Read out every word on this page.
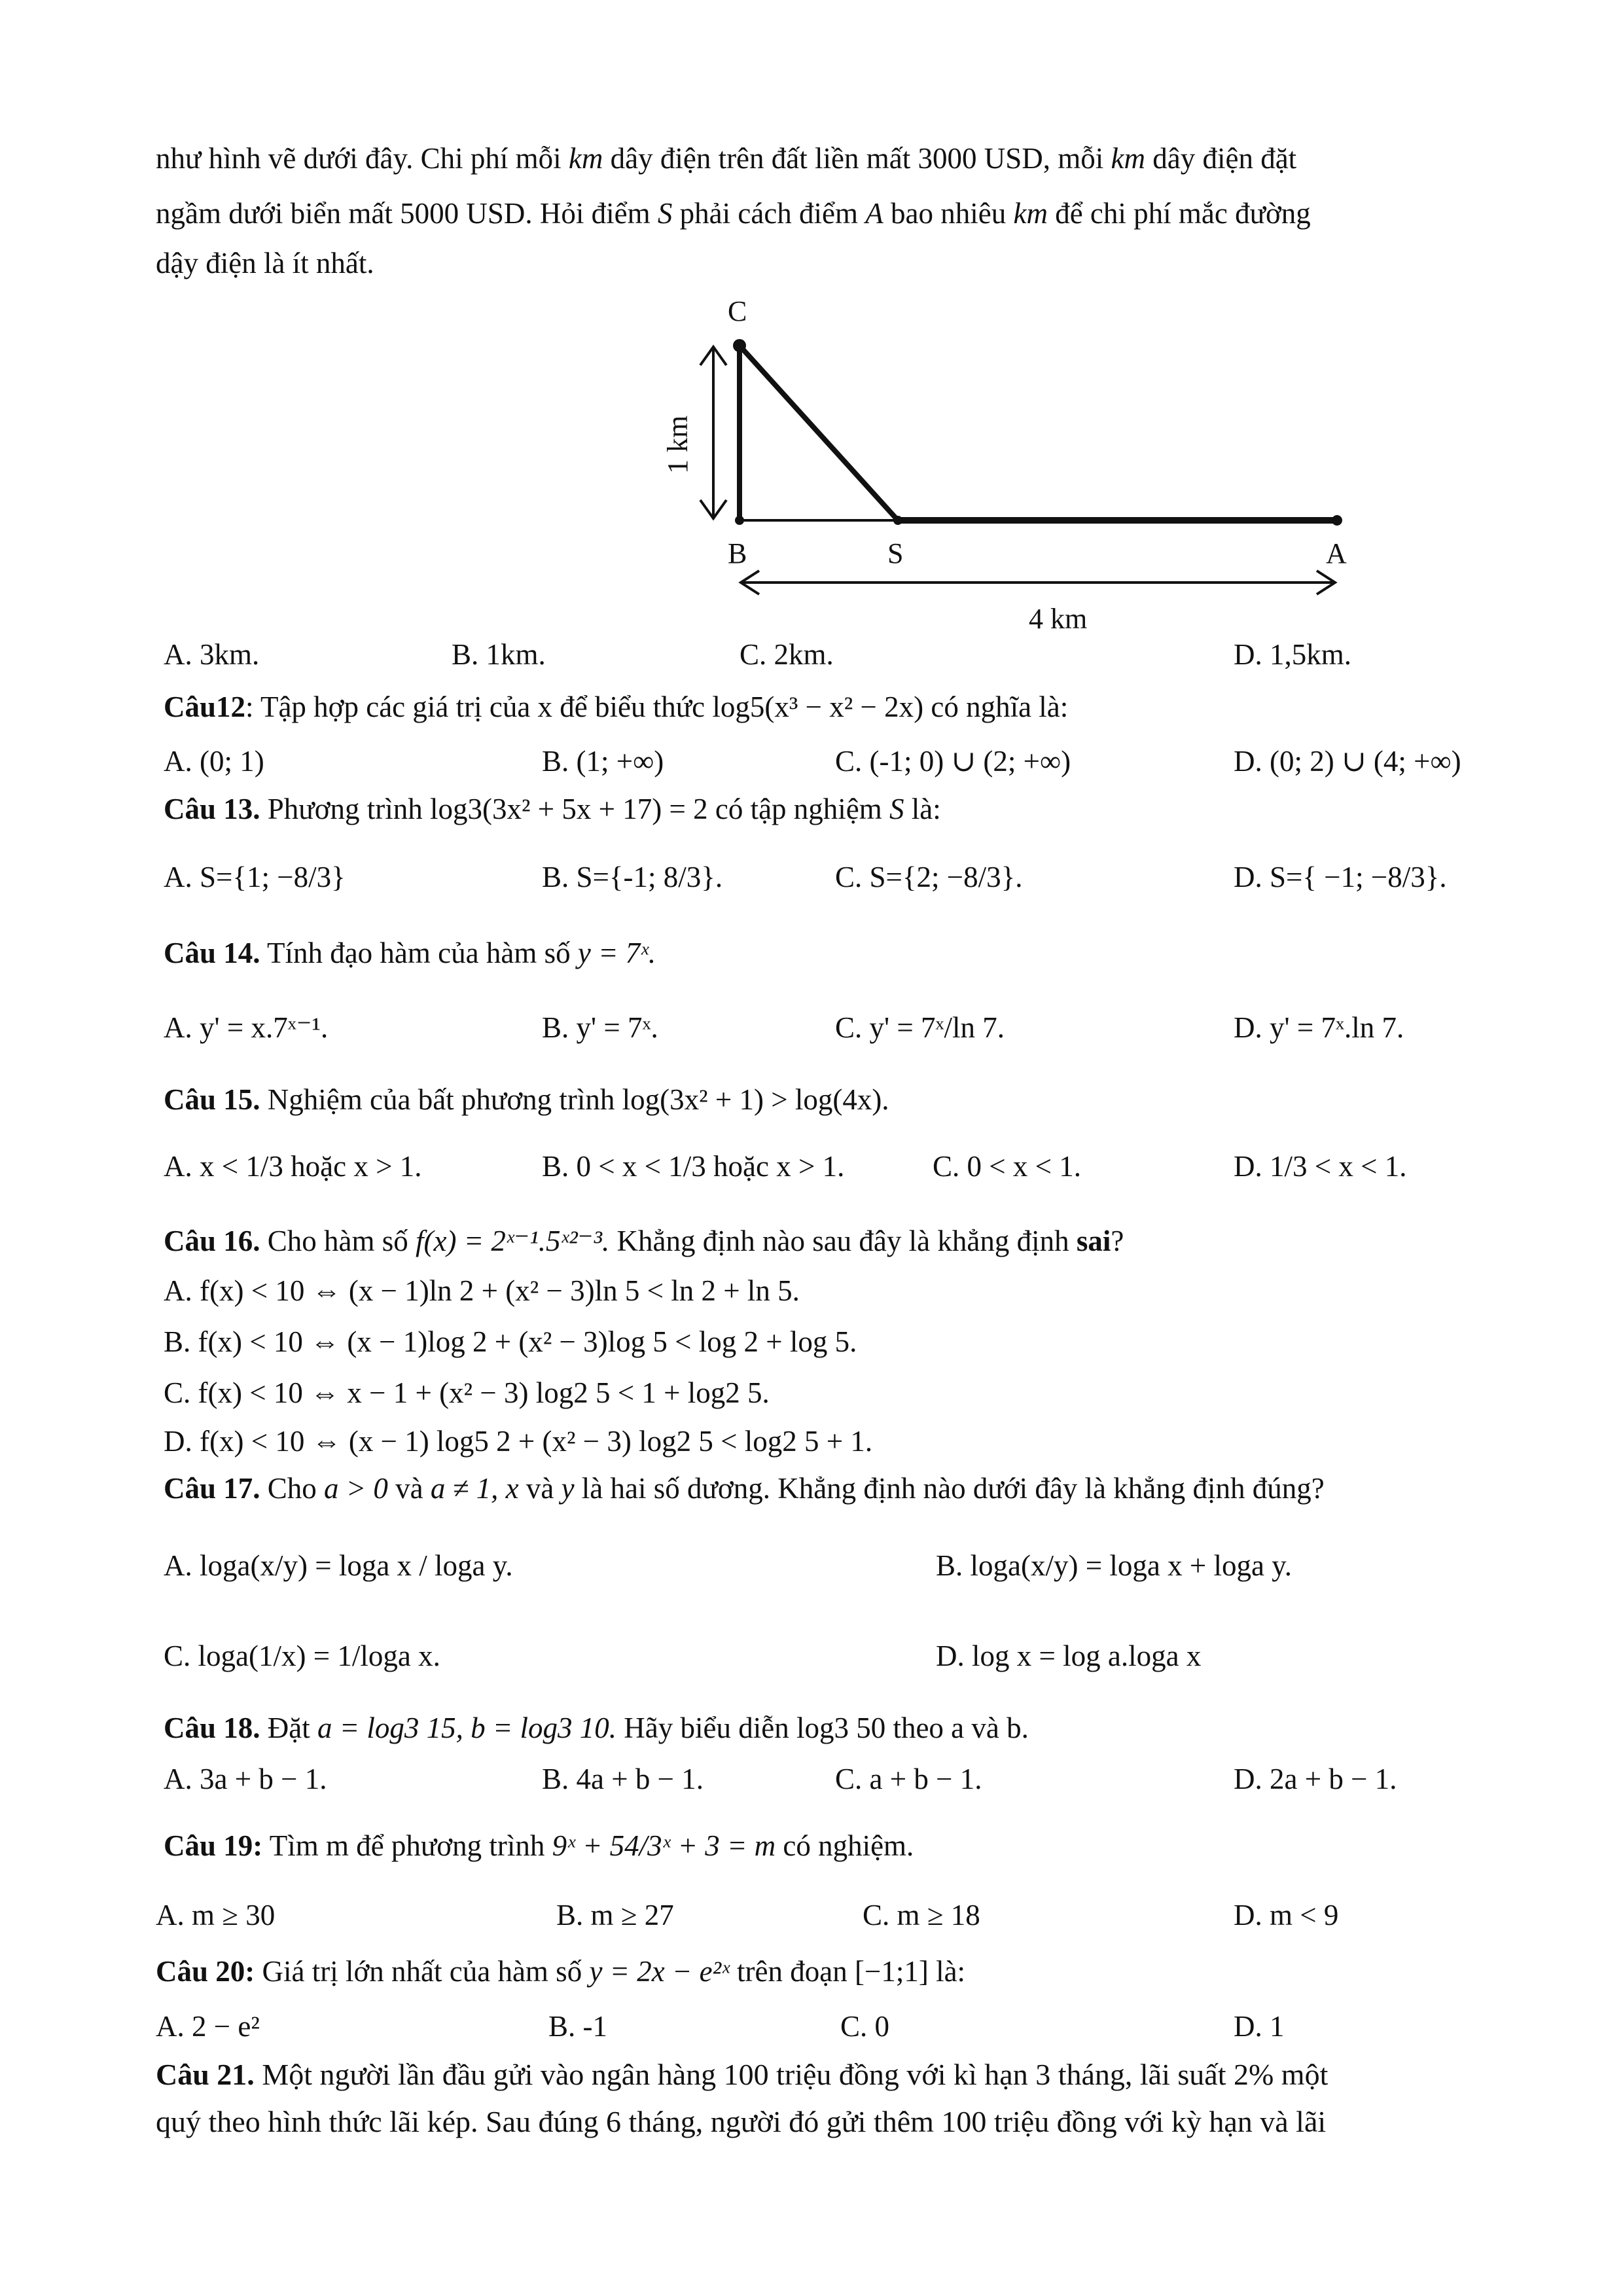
như hình vẽ dưới đây. Chi phí mỗi km dây điện trên đất liền mất 3000 USD, mỗi km dây điện đặt
ngầm dưới biển mất 5000 USD. Hỏi điểm S phải cách điểm A bao nhiêu km để chi phí mắc đường
dậy điện là ít nhất.
C
B	S	A
4 km
1 km
A. 3km.	B. 1km.	C. 2km.	D. 1,5km.
Câu12: Tập hợp các giá trị của x để biểu thức log5(x³ − x² − 2x) có nghĩa là:
A. (0; 1)	B. (1; +∞)	C. (-1; 0) ∪ (2; +∞)	D. (0; 2) ∪ (4; +∞)
Câu 13. Phương trình log3(3x² + 5x + 17) = 2 có tập nghiệm S là:
A. S={1; −8/3}	B. S={-1; 8/3}.	C. S={2; −8/3}.	D. S={ −1; −8/3}.
Câu 14. Tính đạo hàm của hàm số y = 7ˣ.
A. y' = x.7ˣ⁻¹.	B. y' = 7ˣ.	C. y' = 7ˣ/ln 7.	D. y' = 7ˣ.ln 7.
Câu 15. Nghiệm của bất phương trình log(3x² + 1) > log(4x).
A. x < 1/3 hoặc x > 1.	B. 0 < x < 1/3 hoặc x > 1.	C. 0 < x < 1.	D. 1/3 < x < 1.
Câu 16. Cho hàm số f(x) = 2ˣ⁻¹.5ˣ²⁻³. Khẳng định nào sau đây là khẳng định sai?
A. f(x) < 10 ⇔ (x − 1)ln 2 + (x² − 3)ln 5 < ln 2 + ln 5.
B. f(x) < 10 ⇔ (x − 1)log 2 + (x² − 3)log 5 < log 2 + log 5.
C. f(x) < 10 ⇔ x − 1 + (x² − 3) log2 5 < 1 + log2 5.
D. f(x) < 10 ⇔ (x − 1) log5 2 + (x² − 3) log2 5 < log2 5 + 1.
Câu 17. Cho a > 0 và a ≠ 1, x và y là hai số dương. Khẳng định nào dưới đây là khẳng định đúng?
A. loga(x/y) = loga x / loga y.	B. loga(x/y) = loga x + loga y.
C. loga(1/x) = 1/loga x.	D. log x = log a.loga x
Câu 18. Đặt a = log3 15, b = log3 10. Hãy biểu diễn log3 50 theo a và b.
A. 3a + b − 1.	B. 4a + b − 1.	C. a + b − 1.	D. 2a + b − 1.
Câu 19: Tìm m để phương trình 9ˣ + 54/3ˣ + 3 = m có nghiệm.
A. m ≥ 30	B. m ≥ 27	C. m ≥ 18	D. m < 9
Câu 20: Giá trị lớn nhất của hàm số y = 2x − e²ˣ trên đoạn [−1;1] là:
A. 2 − e²	B. -1	C. 0	D. 1
Câu 21. Một người lần đầu gửi vào ngân hàng 100 triệu đồng với kì hạn 3 tháng, lãi suất 2% một
quý theo hình thức lãi kép. Sau đúng 6 tháng, người đó gửi thêm 100 triệu đồng với kỳ hạn và lãi
